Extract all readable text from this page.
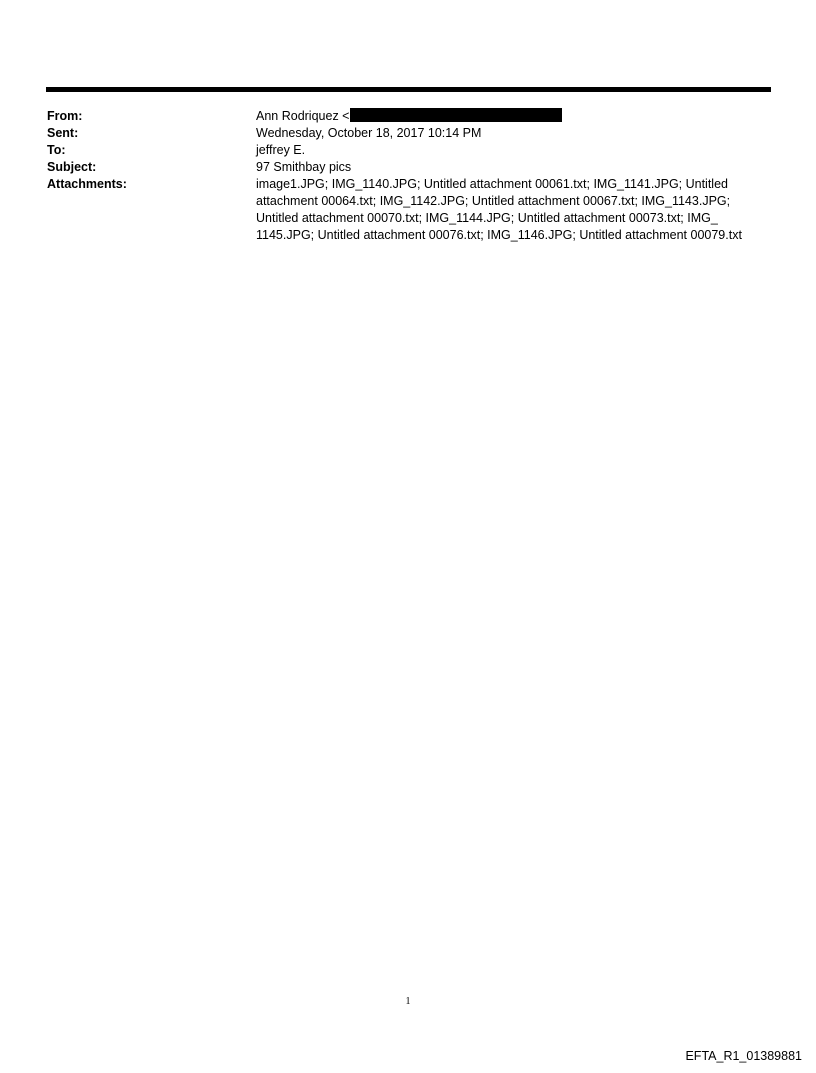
From:	Ann Rodriquez <
Sent:	Wednesday, October 18, 2017 10:14 PM
To:	jeffrey E.
Subject:	97 Smithbay pics
Attachments:	image1.JPG; IMG_1140.JPG; Untitled attachment 00061.txt; IMG_1141.JPG; Untitled attachment 00064.txt; IMG_1142.JPG; Untitled attachment 00067.txt; IMG_1143.JPG; Untitled attachment 00070.txt; IMG_1144.JPG; Untitled attachment 00073.txt; IMG_ 1145.JPG; Untitled attachment 00076.txt; IMG_1146.JPG; Untitled attachment 00079.txt
1
EFTA_R1_01389881
